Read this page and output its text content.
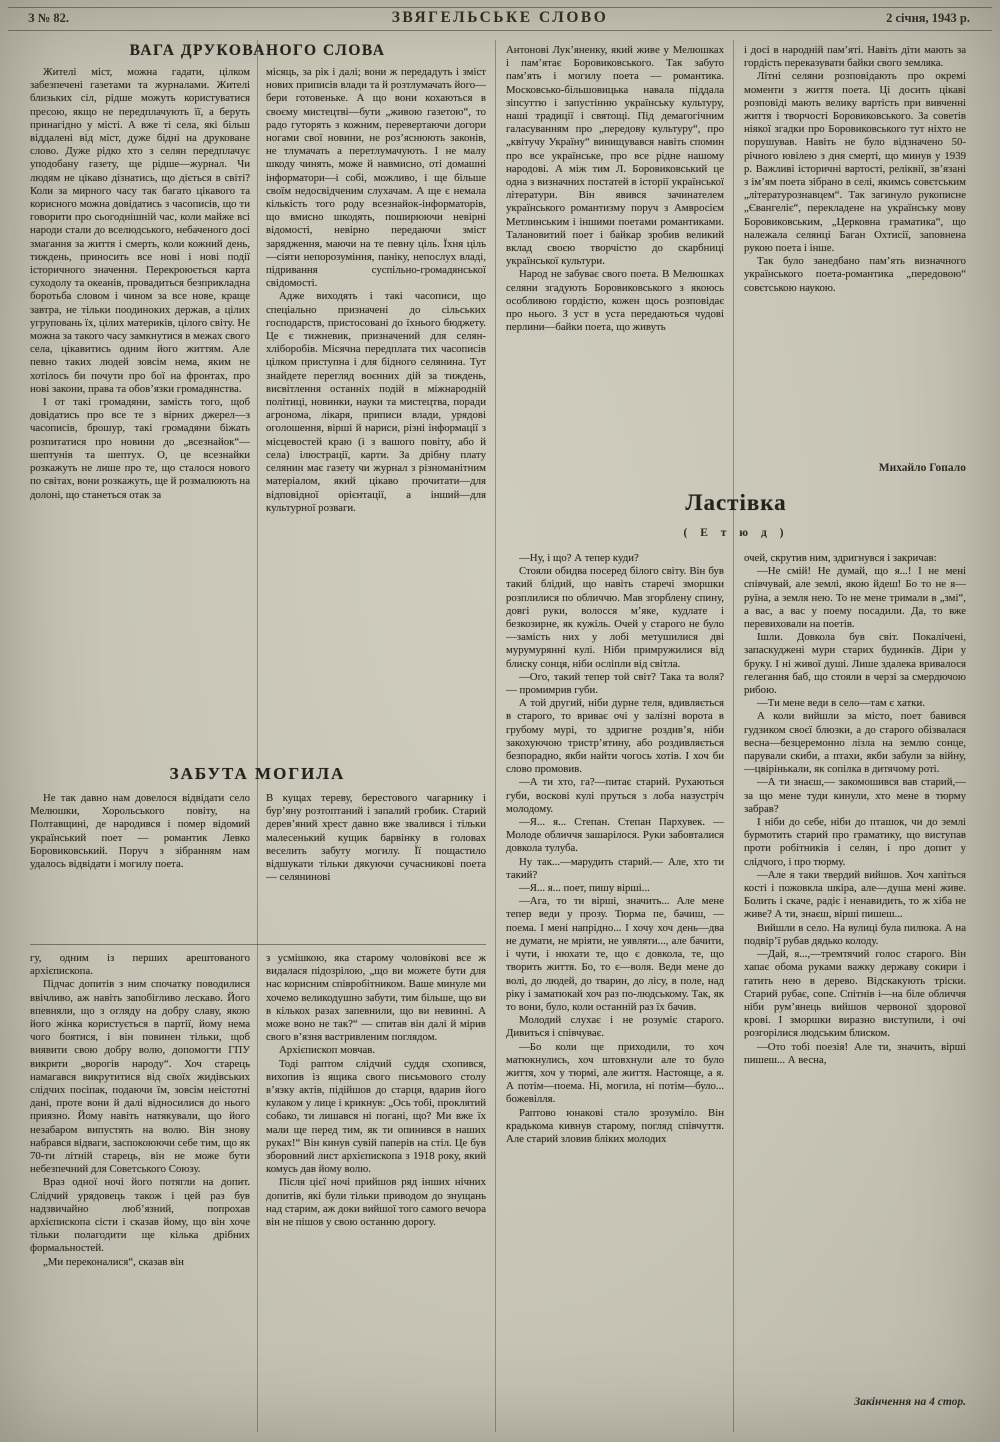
З № 82.	ЗВЯГЕЛЬСЬКЕ СЛОВО	2 січня, 1943 р.
ВАГА ДРУКОВАНОГО СЛОВА

Жителі міст, можна гадати, цілком забезпечені газетами та журналами. Жителі близьких сіл, рідше можуть користуватися пресою, якщо не передплачують її, а беруть принагідно у місті. А вже ті села, які більш віддалені від міст, дуже бідні на друковане слово. Дуже рідко хто з селян передплачує уподобану газету, ще рідше—журнал. Чи людям не цікаво дізнатись, що діється в світі? Коли за мирного часу так багато цікавого та корисного можна довідатись з часописів, що ти говорити про сьогоднішній час, коли майже всі народи стали до вселюдського, небаченого досі змагання за життя і смерть, коли кожний день, тиждень, приносить все нові і нові події історичного значення. Перекроюється карта суходолу та океанів, провадиться безприкладна боротьба словом і чином за все нове, краще завтра, не тільки поодиноких держав, а цілих угруповань їх, цілих материків, цілого світу. Не можна за такого часу замкнутися в межах свого села, цікавитись одним його життям. Але певно таких людей зовсім нема, яким не хотілось би почути про бої на фронтах, про нові закони, права та обов’язки громадянства.

І от такі громадяни, замість того, щоб довідатись про все те з вірних джерел—з часописів, брошур, такі громадяни біжать розпитатися про новини до „всезнайок“—шептунів та шептух. О, це всезнайки розкажуть не лише про те, що сталося нового по світах, вони розкажуть, ще й розмалюють на долоні, що станеться отак за

місяць, за рік і далі; вони ж передадуть і зміст нових приписів влади та й розтлумачать його—бери готовеньке. А що вони кохаються в своєму мистецтві—бути „живою газетою“, то радо гуторять з кожним, перевертаючи догори ногами свої новини, не роз’яснюють законів, не тлумачать а перетлумачують. І не малу шкоду чинять, може й навмисно, оті домашні інформатори—і собі, можливо, і ще більше своїм недосвідченим слухачам. А ще є немала кількість того роду всезнайок-інформаторів, що вмисно шкодять, поширюючи невірні відомості, невірно передаючи зміст зарядження, маючи на те певну ціль. Їхня ціль—сіяти непорозуміння, паніку, непослух владі, підривання суспільно-громадянської свідомості.

Адже виходять і такі часописи, що спеціально призначені до сільських господарств, пристосовані до їхнього бюджету. Це є тижневик, призначений для селян-хліборобів. Місячна передплата тих часописів цілком приступна і для бідного селянина. Тут знайдете перегляд воєнних дій за тиждень, висвітлення останніх подій в міжнародній політиці, новинки, науки та мистецтва, поради агронома, лікаря, приписи влади, урядові оголошення, вірші й нариси, різні інформації з місцевостей краю (і з вашого повіту, або й села) ілюстрації, карти. За дрібну плату селянин має газету чи журнал з різноманітним матеріалом, який цікаво прочитати—для відповідної орієнтації, а інший—для культурної розваги.

Антонові Лук’яненку, який живе у Мелюшках і пам’ятає Боровиковського. Так забуто пам’ять і могилу поета — романтика. Московсько-більшовицька навала піддала зіпсуттю і запустінню українську культуру, наші традиції і святощі. Під демагогічним галасуванням про „передову культуру“, про „квітучу Україну“ винищувався навіть спомин про все українське, про все рідне нашому народові. А між тим Л. Боровиковський це одна з визначних постатей в історії української літератури. Він явився зачинателем українського романтизму поруч з Амвросієм Метлинським і іншими поетами романтиками. Талановитий поет і байкар зробив великий вклад своєю творчістю до скарбниці української культури.

Народ не забуває свого поета. В Мелюшках селяни згадують Боровиковського з якоюсь особливою гордістю, кожен щось розповідає про нього. З уст в уста передаються чудові перлини—байки поета, що живуть

і досі в народній пам’яті. Навіть діти мають за гордість переказувати байки свого земляка.

Літні селяни розповідають про окремі моменти з життя поета. Ці досить цікаві розповіді мають велику вартість при вивченні життя і творчості Боровиковського. За советів ніякої згадки про Боровиковського тут ніхто не порушував. Навіть не було відзначено 50-річного ювілею з дня смерті, що минув у 1939 р. Важливі історичні вартості, реліквії, зв’язані з ім’ям поета зібрано в селі, якимсь совєтським „літературознавцем“. Так загинуло рукописне „Євангеліє“, перекладене на українську мову Боровиковським, „Церковна граматика“, що належала селянці Баган Охтисії, заповнена рукою поета і інше.

Так було занедбано пам’ять визначного українського поета-романтика „передовою“ совєтською наукою.

Михайло Гопало
Ластівка
( Е т ю д )

—Ну, і що? А тепер куди?

Стояли обидва посеред білого світу. Він був такий блідий, що навіть старечі зморшки розплилися по обличчю. Мав згорблену спину, довгі руки, волосся м’яке, кудлате і безкозирне, як кужіль. Очей у старого не було—замість них у лобі метушилися дві мурумурянні кулі. Ніби примружилися від блиску сонця, ніби осліпли від світла.

—Ого, такий тепер той світ? Така та воля? — промимрив губи.

А той другий, ніби дурне теля, вдивляється в старого, то вриває очі у залізні ворота в грубому мурі, то здригне роздив’я, ніби закохуючою тристр’ятину, або роздивляється безпорадно, якби найти чогось хотів. І хоч би слово промовив.

—А ти хто, га?—питає старий. Рухаються губи, воскові кулі пруться з лоба назустріч молодому.

—Я... я... Степан. Степан Пархувек. — Молоде обличчя зашарілося. Руки забовталися довкола тулуба.

Ну так...—марудить старий.— Але, хто ти такий?

—Я... я... поет, пишу вірші...

—Ага, то ти вірші, значить... Але мене тепер веди у прозу. Тюрма пе, бачиш, — поема. І мені напрідно... І хочу хоч день—два не думати, не мріяти, не уявляти..., але бачити, і чути, і нюхати те, що є довкола, те, що творить життя. Бо, то є—воля. Веди мене до волі, до людей, до тварин, до лісу, в поле, над ріку і заматюкай хоч раз по-людському. Так, як то вони, було, коли останній раз їх бачив.

Молодий слухає і не розуміє старого. Дивиться і співчуває.

—Бо коли ще приходили, то хоч матюкнулись, хоч штовхнули але то було життя, хоч у тюрмі, але життя. Настояще, а я. А потім—поема. Ні, могила, ні потім—було... божевілля.

Раптово юнакові стало зрозуміло. Він крадькома кивнув старому, погляд співчуття. Але старий зловив бліких молодих

очей, скрутив ним, здригнувся і закричав:

—Не смій! Не думай, що я...! І не мені співчувай, але землі, якою йдеш! Бо то не я—руїна, а земля нею. То не мене тримали в „змі“, а вас, а вас у поему посадили. Да, то вже перевиховали на поетів.

Ішли. Довкола був світ. Покалічені, запаскуджені мури старих будинків. Діри у бруку. І ні живої душі. Лише здалека вривалося гелегання баб, що стояли в черзі за смердючою рибою.

—Ти мене веди в село—там є хатки.

А коли вийшли за місто, поет бавився гудзиком своєї блюзки, а до старого обізвалася весна—безцеремонно лізла на землю сонце, парували скиби, а птахи, якби забули за війну,—цвірінькали, як сопілка в дитячому роті.

—А ти знаєш,— закомошився вав старий,—за що мене туди кинули, хто мене в тюрму забрав?

І ніби до себе, ніби до пташок, чи до землі бурмотить старий про граматику, що виступав проти робітників і селян, і про допит у слідчого, і про тюрму.

—Але я таки твердий вийшов. Хоч хапіться кості і пожовкла шкіра, але—душа мені живе. Болить і скаче, радіє і ненавидить, то ж хіба не живе? А ти, знаєш, вірші пишеш...

Вийшли в село. На вулиці була пилюка. А на подвір’ї рубав дядько колоду.

—Дай, я...,—тремтячий голос старого. Він хапає обома руками важку державу сокири і гатить нею в дерево. Відскакують тріски. Старий рубає, сопе. Спітнів і—на біле обличчя ніби рум’янець вийшов червоної здорової крові. І зморшки виразно виступили, і очі розгорілися людським блиском.

—Ото тобі поезія! Але ти, значить, вірші пишеш... А весна,

Закінчення на 4 стор.
ЗАБУТА МОГИЛА

Не так давно нам довелося відвідати село Мелюшки, Хорольського повіту, на Полтавщині, де народився і помер відомий український поет — романтик Левко Боровиковський. Поруч з зібранням нам удалось відвідати і могилу поета.

В кущах тереву, берестового чагарнику і бур’яну розтоптаний і запалий гробик. Старий дерев’яний хрест давно вже звалився і тільки малесенький кущик барвінку в головах веселить забуту могилу. Її пощастило відшукати тільки дякуючи сучасникові поета — селянинові

гу, одним із перших арештованого архієпископа.

Підчас допитів з ним спочатку поводилися ввічливо, аж навіть запобігливо лескаво. Його впевняли, що з огляду на добру славу, якою його жінка користується в партії, йому нема чого боятися, і він повинен тільки, щоб виявити свою добру волю, допомогти ГПУ викрити „ворогів народу“. Хоч старець намагався викрутитися від своїх жидівських слідчих посіпак, подаючи їм, зовсім неістотні дані, проте вони й далі відносилися до нього приязно. Йому навіть натякували, що його незабаром випустять на волю. Він знову набрався відваги, заспокоюючи себе тим, що як 70-ти літній старець, він не може бути небезпечний для Советського Союзу.

Враз одної ночі його потягли на допит. Слідчий урядовець також і цей раз був надзвичайно люб’язний, попрохав архієпископа сісти і сказав йому, що він хоче тільки полагодити ще кілька дрібних формальностей.

„Ми переконалися“, сказав він

з усмішкою, яка старому чоловікові все ж видалася підозрілою, „що ви можете бути для нас корисним співробітником. Ваше минуле ми хочемо великодушно забути, тим більше, що ви в кількох разах запевнили, що ви невинні. А може воно не так?“ — спитав він далі й мірив свого в’язня вастривленим поглядом.

Архієпископ мовчав.

Тоді раптом слідчий суддя схопився, вихопив із ящика свого письмового столу в’язку актів, підійшов до старця, вдарив його кулаком у лице і крикнув: „Ось тобі, проклятий собако, ти лишався ні погані, що? Ми вже їх мали ще перед тим, як ти опинився в наших руках!“ Він кинув сувій паперів на стіл. Це був зборовний лист архієпископа з 1918 року, який комусь дав йому волю.

Після цієї ночі прийшов ряд інших нічних допитів, які були тільки приводом до знущань над старим, аж доки вийшої того самого вечора він не пішов у свою останню дорогу.
